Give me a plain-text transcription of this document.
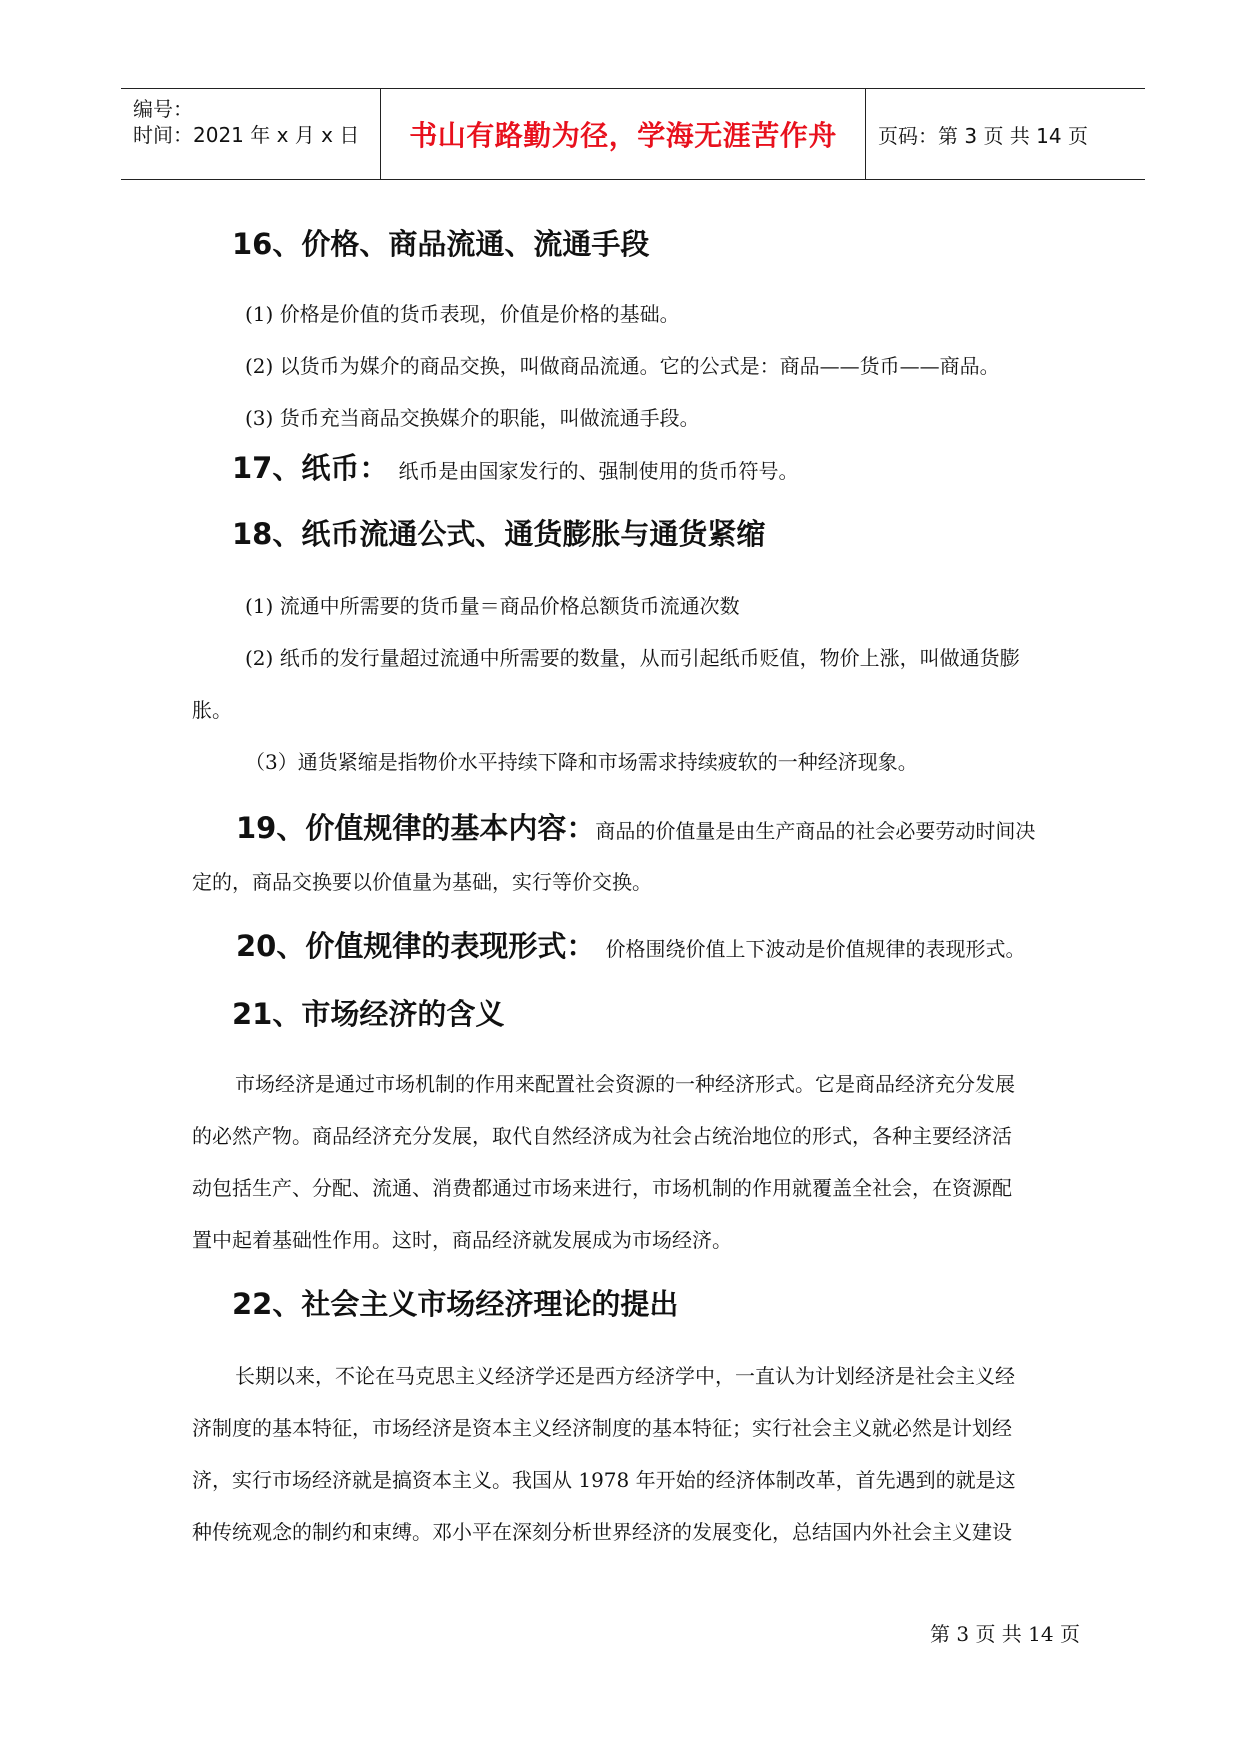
编号：
时间：2021 年 x 月 x 日 书山有路勤为径，学海无涯苦作舟	页码：第 3 页 共 14 页
16、价格、商品流通、流通手段
(1) 价格是价值的货币表现，价值是价格的基础。
(2) 以货币为媒介的商品交换，叫做商品流通。它的公式是：商品——货币——商品。
(3) 货币充当商品交换媒介的职能，叫做流通手段。
17、纸币： 纸币是由国家发行的、强制使用的货币符号。
18、纸币流通公式、通货膨胀与通货紧缩
(1) 流通中所需要的货币量＝商品价格总额货币流通次数
(2) 纸币的发行量超过流通中所需要的数量，从而引起纸币贬值，物价上涨，叫做通货膨
胀。
（3）通货紧缩是指物价水平持续下降和市场需求持续疲软的一种经济现象。
19、价值规律的基本内容：商品的价值量是由生产商品的社会必要劳动时间决
定的，商品交换要以价值量为基础，实行等价交换。
20、价值规律的表现形式： 价格围绕价值上下波动是价值规律的表现形式。
21、市场经济的含义
市场经济是通过市场机制的作用来配置社会资源的一种经济形式。它是商品经济充分发展
的必然产物。商品经济充分发展，取代自然经济成为社会占统治地位的形式，各种主要经济活
动包括生产、分配、流通、消费都通过市场来进行，市场机制的作用就覆盖全社会，在资源配
置中起着基础性作用。这时，商品经济就发展成为市场经济。
22、社会主义市场经济理论的提出
长期以来，不论在马克思主义经济学还是西方经济学中，一直认为计划经济是社会主义经
济制度的基本特征，市场经济是资本主义经济制度的基本特征；实行社会主义就必然是计划经
济，实行市场经济就是搞资本主义。我国从 1978 年开始的经济体制改革，首先遇到的就是这
种传统观念的制约和束缚。邓小平在深刻分析世界经济的发展变化，总结国内外社会主义建设
第 3 页 共 14 页
